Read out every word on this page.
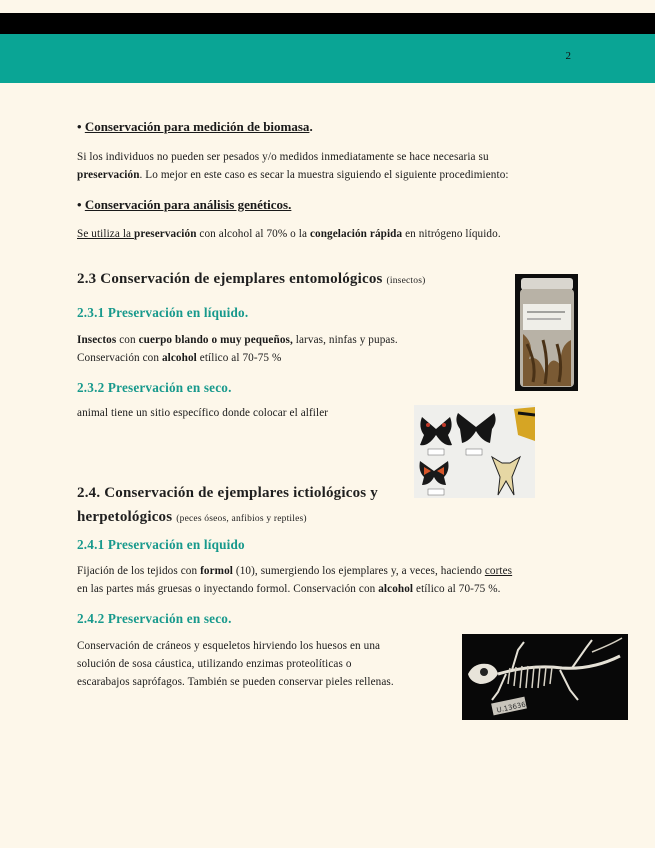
2
• Conservación para medición de biomasa.
Si los individuos no pueden ser pesados y/o medidos inmediatamente se hace necesaria su
preservación. Lo mejor en este caso es secar la muestra siguiendo el siguiente procedimiento:
• Conservación para análisis genéticos.
Se utiliza la preservación con alcohol al 70% o la congelación rápida en nitrógeno líquido.
2.3 Conservación de ejemplares entomológicos (insectos)
2.3.1 Preservación en líquido.
Insectos con cuerpo blando o muy pequeños, larvas, ninfas y pupas.
Conservación con alcohol etílico al 70-75 %
2.3.2 Preservación en seco.
animal tiene un sitio específico donde colocar el alfiler
2.4. Conservación de ejemplares ictiológicos y
herpetológicos (peces óseos, anfibios y reptiles)
2.4.1 Preservación en líquido
Fijación de los tejidos con formol (10), sumergiendo los ejemplares y, a veces, haciendo cortes
en las partes más gruesas o inyectando formol. Conservación con alcohol etílico al 70-75 %.
2.4.2 Preservación en seco.
Conservación de cráneos y esqueletos hirviendo los huesos en una
solución de sosa cáustica, utilizando enzimas proteolíticas o
escarabajos saprófagos. También se pueden conservar pieles rellenas.
U.13636
